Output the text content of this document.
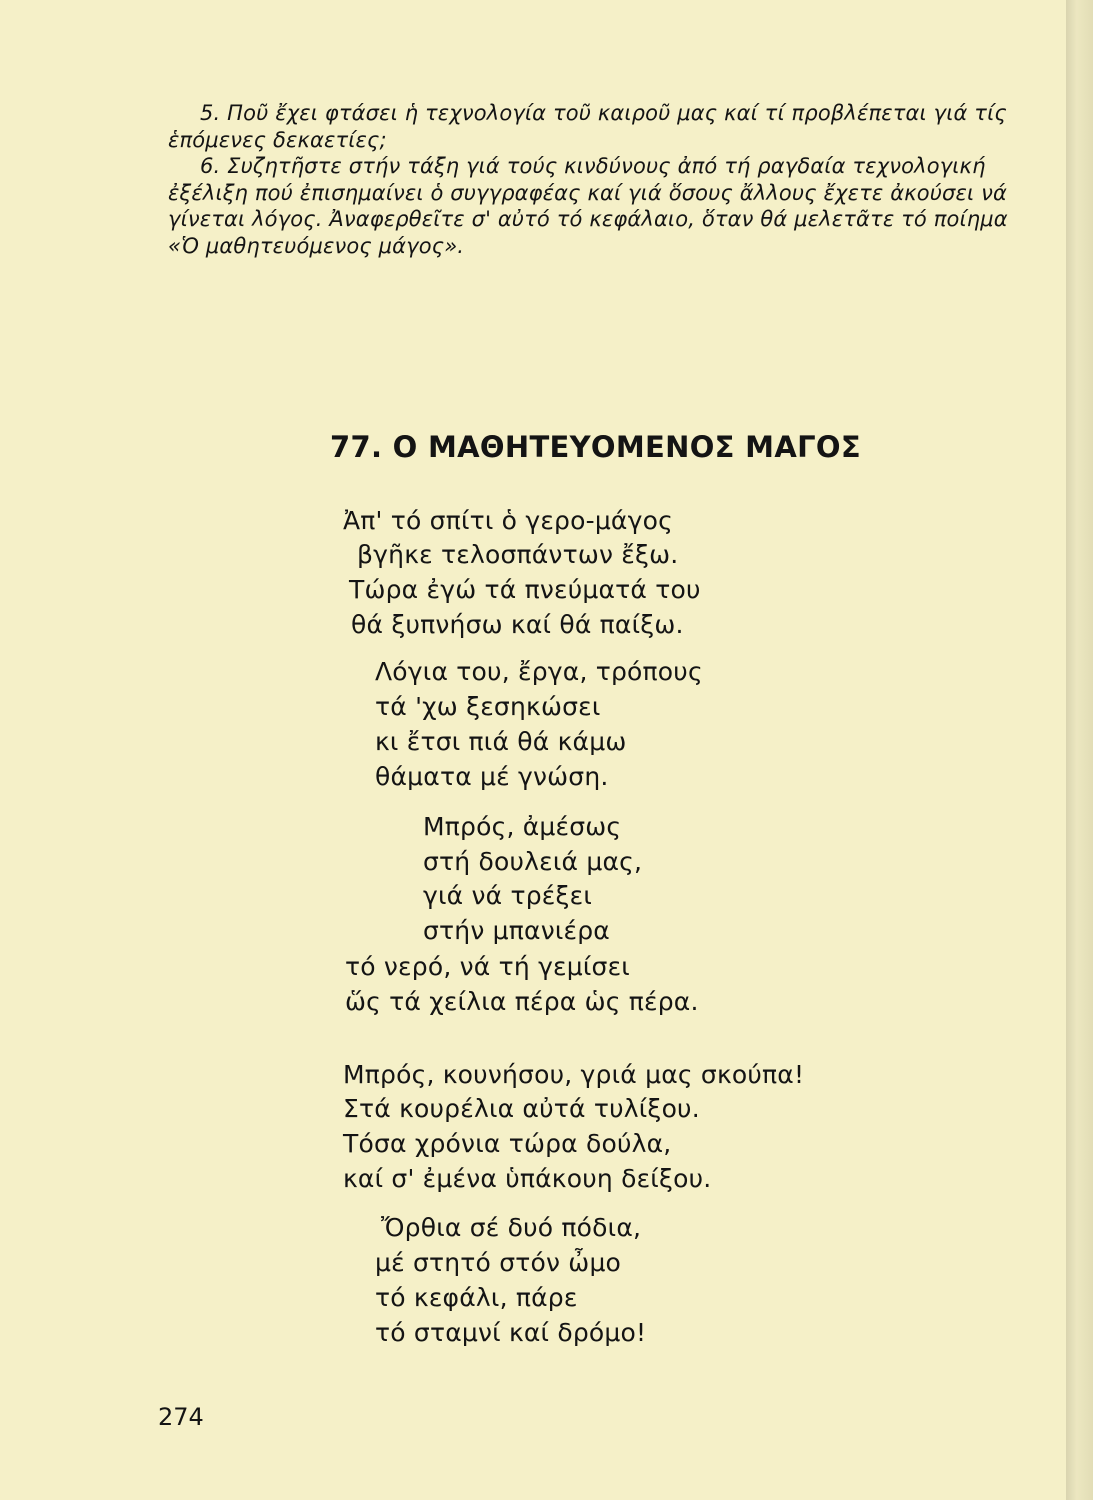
5. Ποῦ ἔχει φτάσει ἡ τεχνολογία τοῦ καιροῦ μας καί τί προβλέπεται γιά τίς ἑπόμενες δεκαετίες;

6. Συζητῆστε στήν τάξη γιά τούς κινδύνους ἀπό τή ραγδαία τεχνολογική ἐξέλιξη πού ἐπισημαίνει ὁ συγγραφέας καί γιά ὅσους ἄλλους ἔχετε ἀκούσει νά γίνεται λόγος. Ἀναφερθεῖτε σ' αὐτό τό κεφάλαιο, ὅταν θά μελετᾶτε τό ποίημα «Ὁ μαθητευόμενος μάγος».

77. Ο ΜΑΘΗΤΕΥΟΜΕΝΟΣ ΜΑΓΟΣ
Ἀπ' τό σπίτι ὁ γερο-μάγος
βγῆκε τελοσπάντων ἔξω.
Τώρα ἐγώ τά πνεύματά του
θά ξυπνήσω καί θά παίξω.
Λόγια του, ἔργα, τρόπους
τά 'χω ξεσηκώσει
κι ἔτσι πιά θά κάμω
θάματα μέ γνώση.
Μπρός, ἀμέσως
στή δουλειά μας,
γιά νά τρέξει
στήν μπανιέρα
τό νερό, νά τή γεμίσει
ὥς τά χείλια πέρα ὡς πέρα.
Μπρός, κουνήσου, γριά μας σκούπα!
Στά κουρέλια αὐτά τυλίξου.
Τόσα χρόνια τώρα δούλα,
καί σ' ἐμένα ὑπάκουη δείξου.
Ὄρθια σέ δυό πόδια,
μέ στητό στόν ὦμο
τό κεφάλι, πάρε
τό σταμνί καί δρόμο!
274
